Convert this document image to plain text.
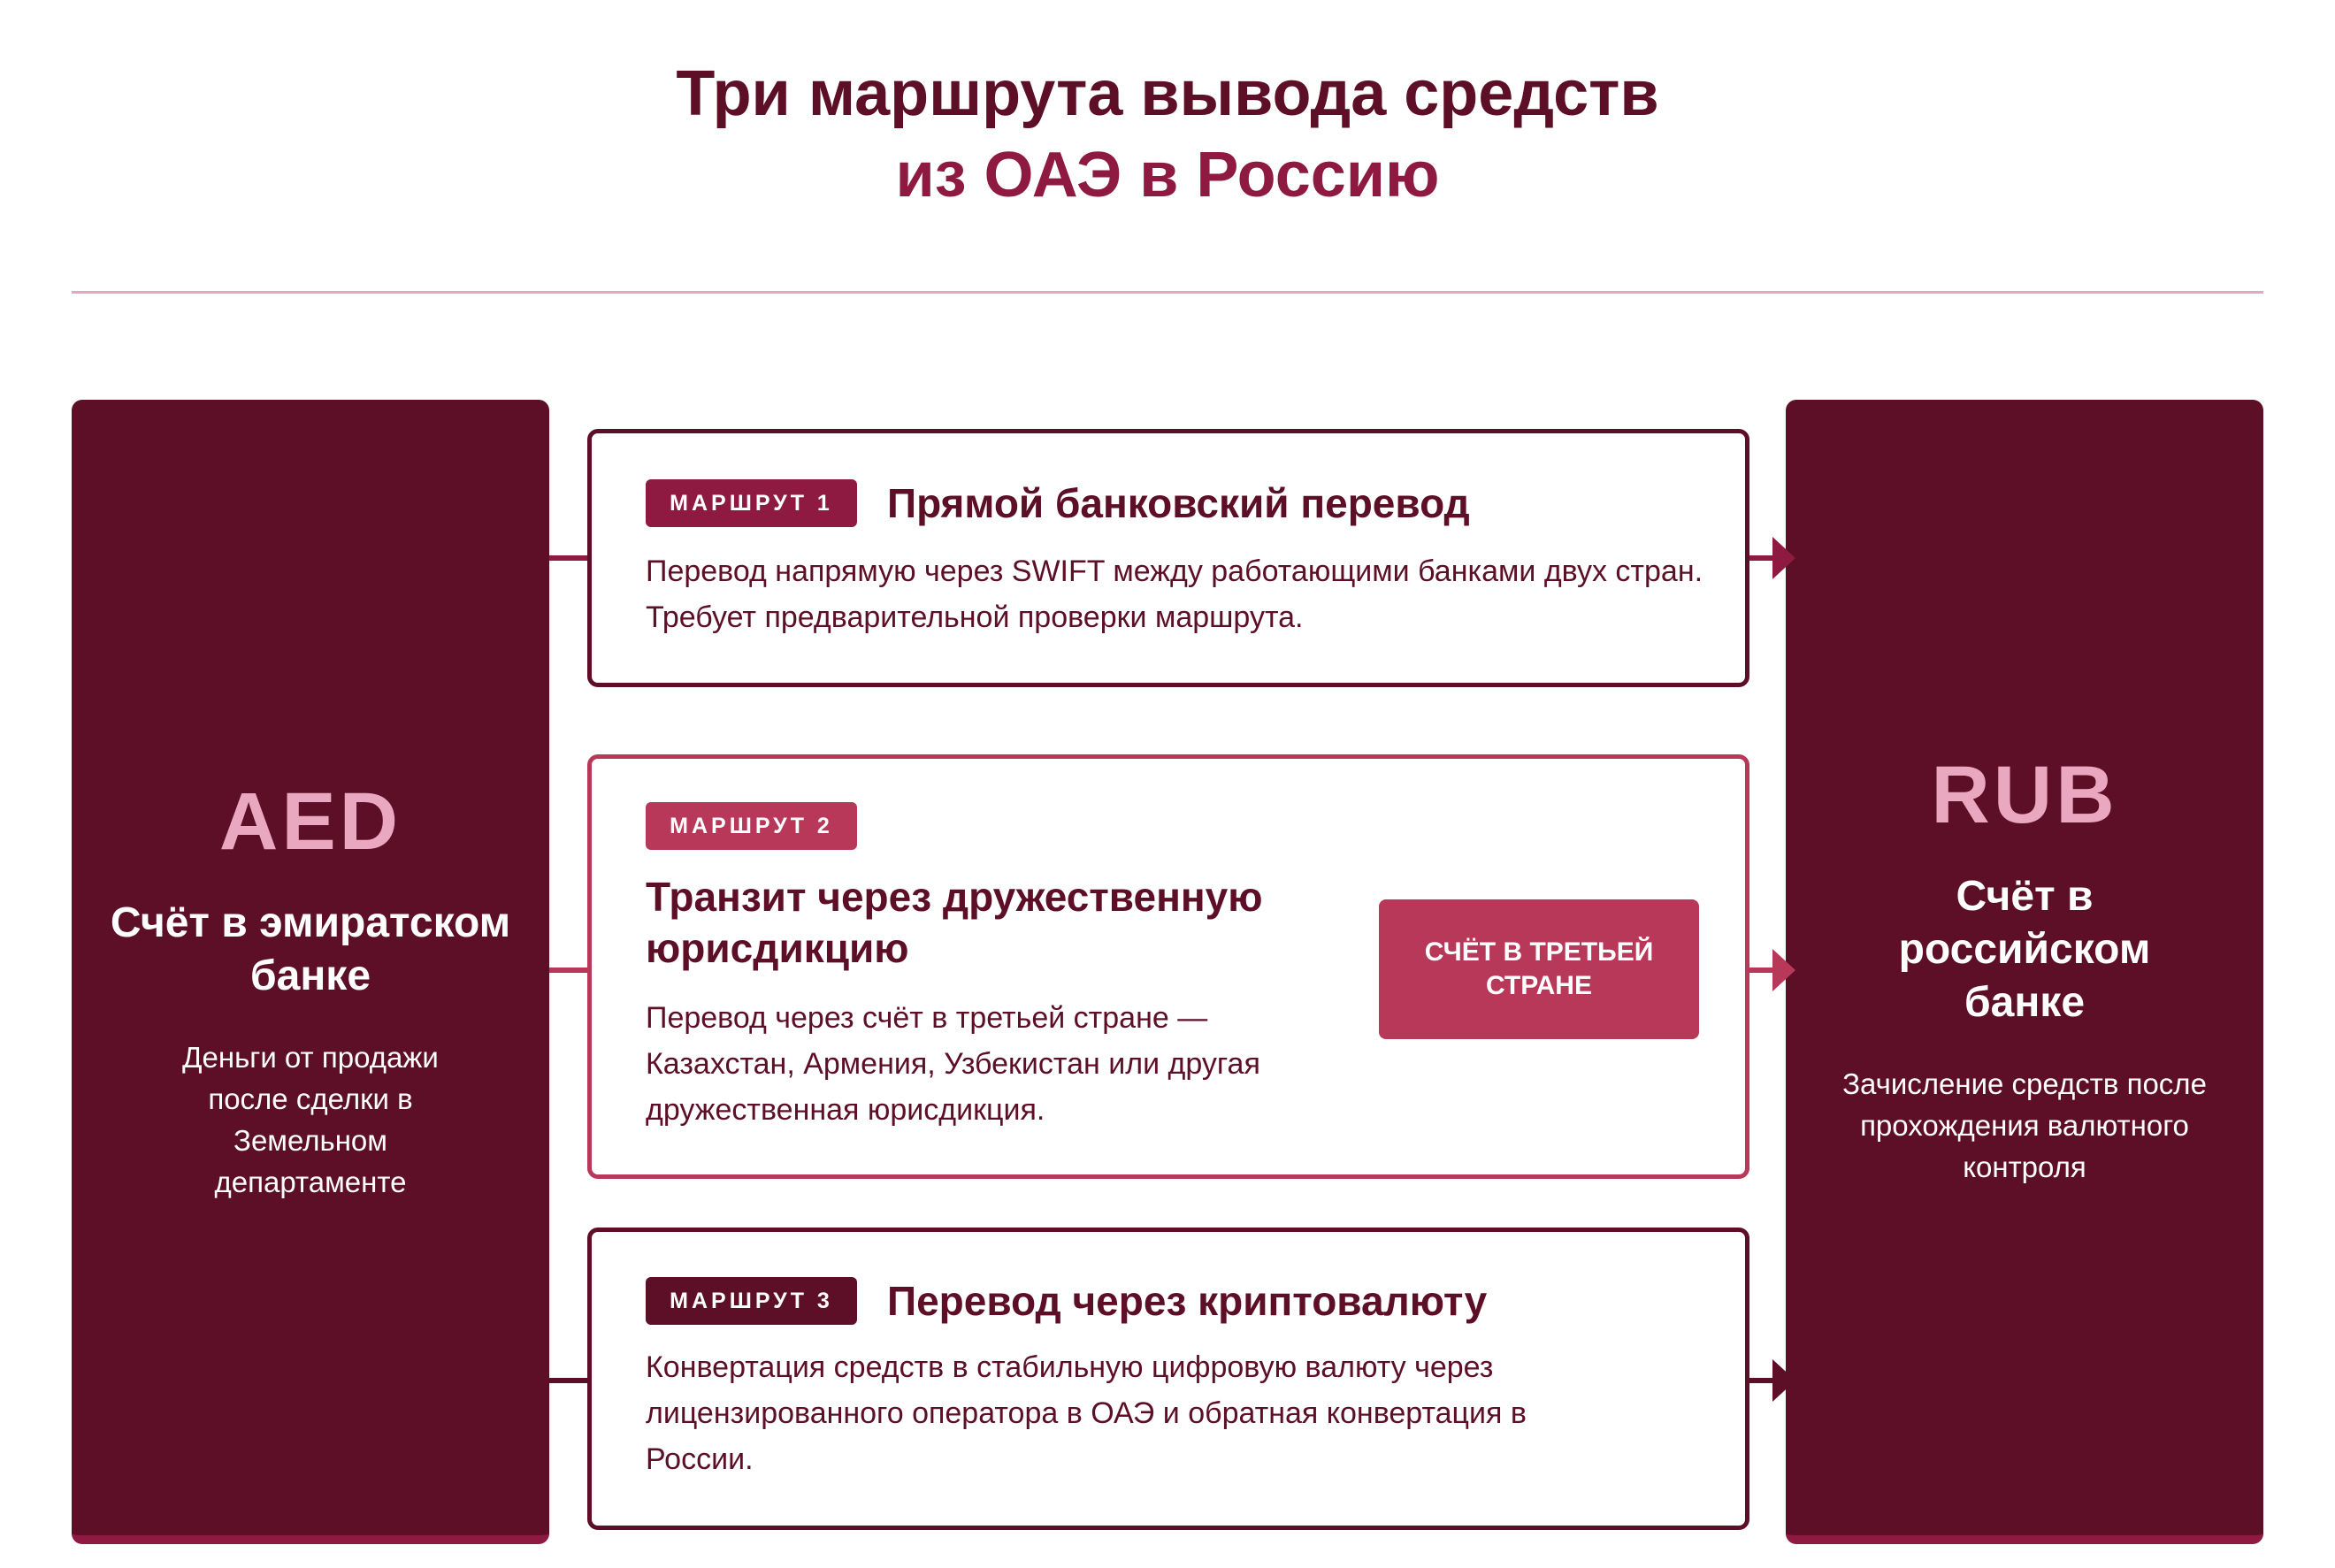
Три маршрута вывода средств
из ОАЭ в Россию
AED
Счёт в эмиратском банке
Деньги от продажи после сделки в Земельном департаменте
RUB
Счёт в российском банке
Зачисление средств после прохождения валютного контроля
МАРШРУТ 1	Прямой банковский перевод
Перевод напрямую через SWIFT между работающими банками двух стран. Требует предварительной проверки маршрута.
МАРШРУТ 2
Транзит через дружественную юрисдикцию
Перевод через счёт в третьей стране — Казахстан, Армения, Узбекистан или другая дружественная юрисдикция.
СЧЁТ В ТРЕТЬЕЙ СТРАНЕ
МАРШРУТ 3	Перевод через криптовалюту
Конвертация средств в стабильную цифровую валюту через лицензированного оператора в ОАЭ и обратная конвертация в России.
